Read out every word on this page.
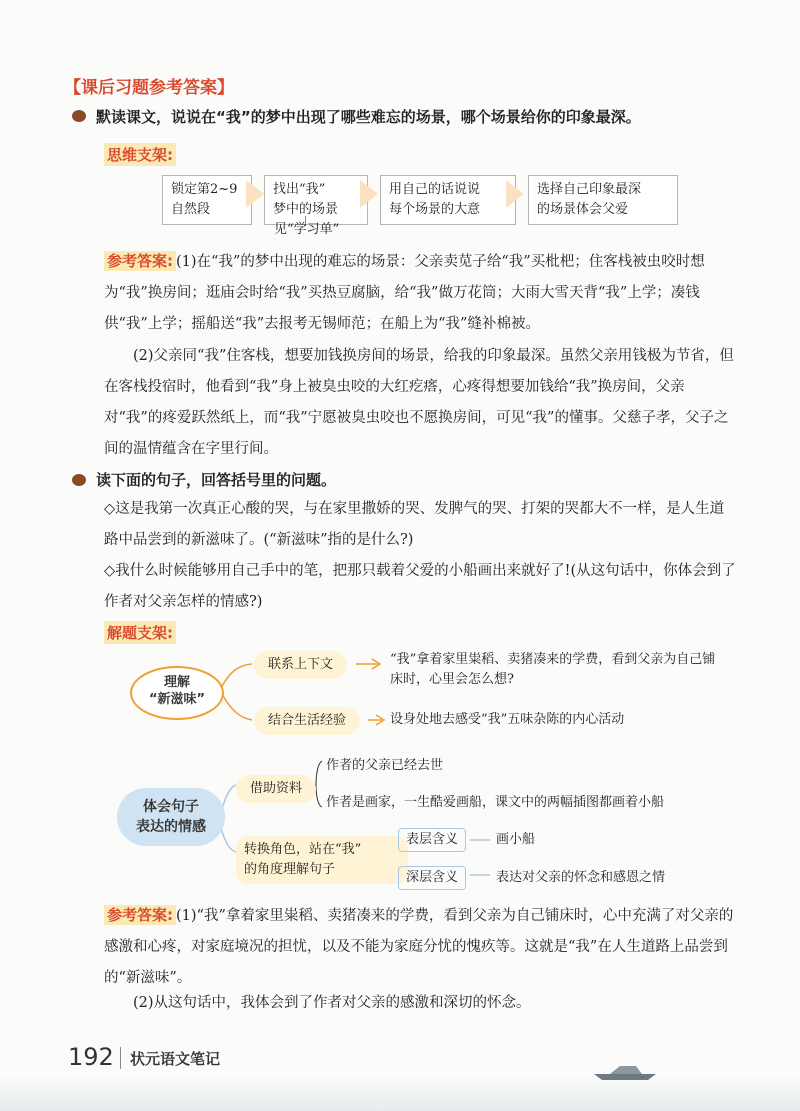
【课后习题参考答案】
默读课文，说说在“我”的梦中出现了哪些难忘的场景，哪个场景给你的印象最深。
思维支架:
锁定第2~9
自然段
找出“我”
梦中的场景
用自己的话说说
每个场景的大意
选择自己印象最深
的场景体会父爱
见“学习单”

参考答案: (1)在“我”的梦中出现的难忘的场景：父亲卖苋子给“我”买枇杷；住客栈被虫咬时想为“我”换房间；逛庙会时给“我”买热豆腐脑，给“我”做万花筒；大雨大雪天背“我”上学；凑钱供“我”上学；摇船送“我”去报考无锡师范；在船上为“我”缝补棉被。

(2)父亲同“我”住客栈，想要加钱换房间的场景，给我的印象最深。虽然父亲用钱极为节省，但在客栈投宿时，他看到“我”身上被臭虫咬的大红疙瘩，心疼得想要加钱给“我”换房间，父亲对“我”的疼爱跃然纸上，而“我”宁愿被臭虫咬也不愿换房间，可见“我”的懂事。父慈子孝，父子之间的温情蕴含在字里行间。

读下面的句子，回答括号里的问题。
◇这是我第一次真正心酸的哭，与在家里撒娇的哭、发脾气的哭、打架的哭都大不一样，是人生道路中品尝到的新滋味了。(“新滋味”指的是什么?)
◇我什么时候能够用自己手中的笔，把那只载着父爱的小船画出来就好了!(从这句话中，你体会到了作者对父亲怎样的情感?)
解题支架:
理解
“新滋味”
联系上下文	“我”拿着家里粜稻、卖猪凑来的学费，看到父亲为自己铺床时，心里会怎么想?
结合生活经验	设身处地去感受“我”五味杂陈的内心活动
体会句子
表达的情感
借助资料
作者的父亲已经去世
作者是画家，一生酷爱画船，课文中的两幅插图都画着小船
转换角色，站在“我”
的角度理解句子
表层含义	画小船
深层含义	表达对父亲的怀念和感恩之情

参考答案: (1)“我”拿着家里粜稻、卖猪凑来的学费，看到父亲为自己铺床时，心中充满了对父亲的感激和心疼，对家庭境况的担忧，以及不能为家庭分忧的愧疚等。这就是“我”在人生道路上品尝到的“新滋味”。

(2)从这句话中，我体会到了作者对父亲的感激和深切的怀念。

192 状元语文笔记
